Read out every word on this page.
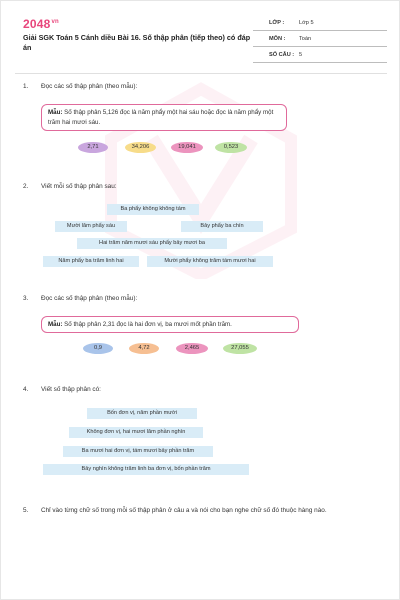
$2048^{vn}$
Giải SGK Toán 5 Cánh diều Bài 16. Số thập phân (tiếp theo) có đáp án
LỚP :	Lớp 5
MÔN : Toán
SỐ CÂU : 5
1. Đọc các số thập phân (theo mẫu):
Mẫu: Số thập phân 5,126 đọc là năm phẩy một hai sáu hoặc đọc là năm phẩy một trăm hai mươi sáu.
2,71	34,206	19,041	0,523
2. Viết mỗi số thập phân sau:
Ba phẩy không không tám
Mười lăm phẩy sáu	Bảy phẩy ba chín
Hai trăm năm mươi sáu phẩy bảy mươi ba
Năm phẩy ba trăm linh hai	Mười phẩy không trăm tám mươi hai
3. Đọc các số thập phân (theo mẫu):
Mẫu: Số thập phân 2,31 đọc là hai đơn vị, ba mươi mốt phần trăm.
0,9	4,72	2,465	27,055
4. Viết số thập phân có:
Bốn đơn vị, năm phần mười
Không đơn vị, hai mươi lăm phần nghìn
Ba mươi hai đơn vị, tám mươi bảy phần trăm
Bảy nghìn không trăm linh ba đơn vị, bốn phần trăm
5. Chỉ vào từng chữ số trong mỗi số thập phân ở câu a và nói cho bạn nghe chữ số đó thuộc hàng nào.
